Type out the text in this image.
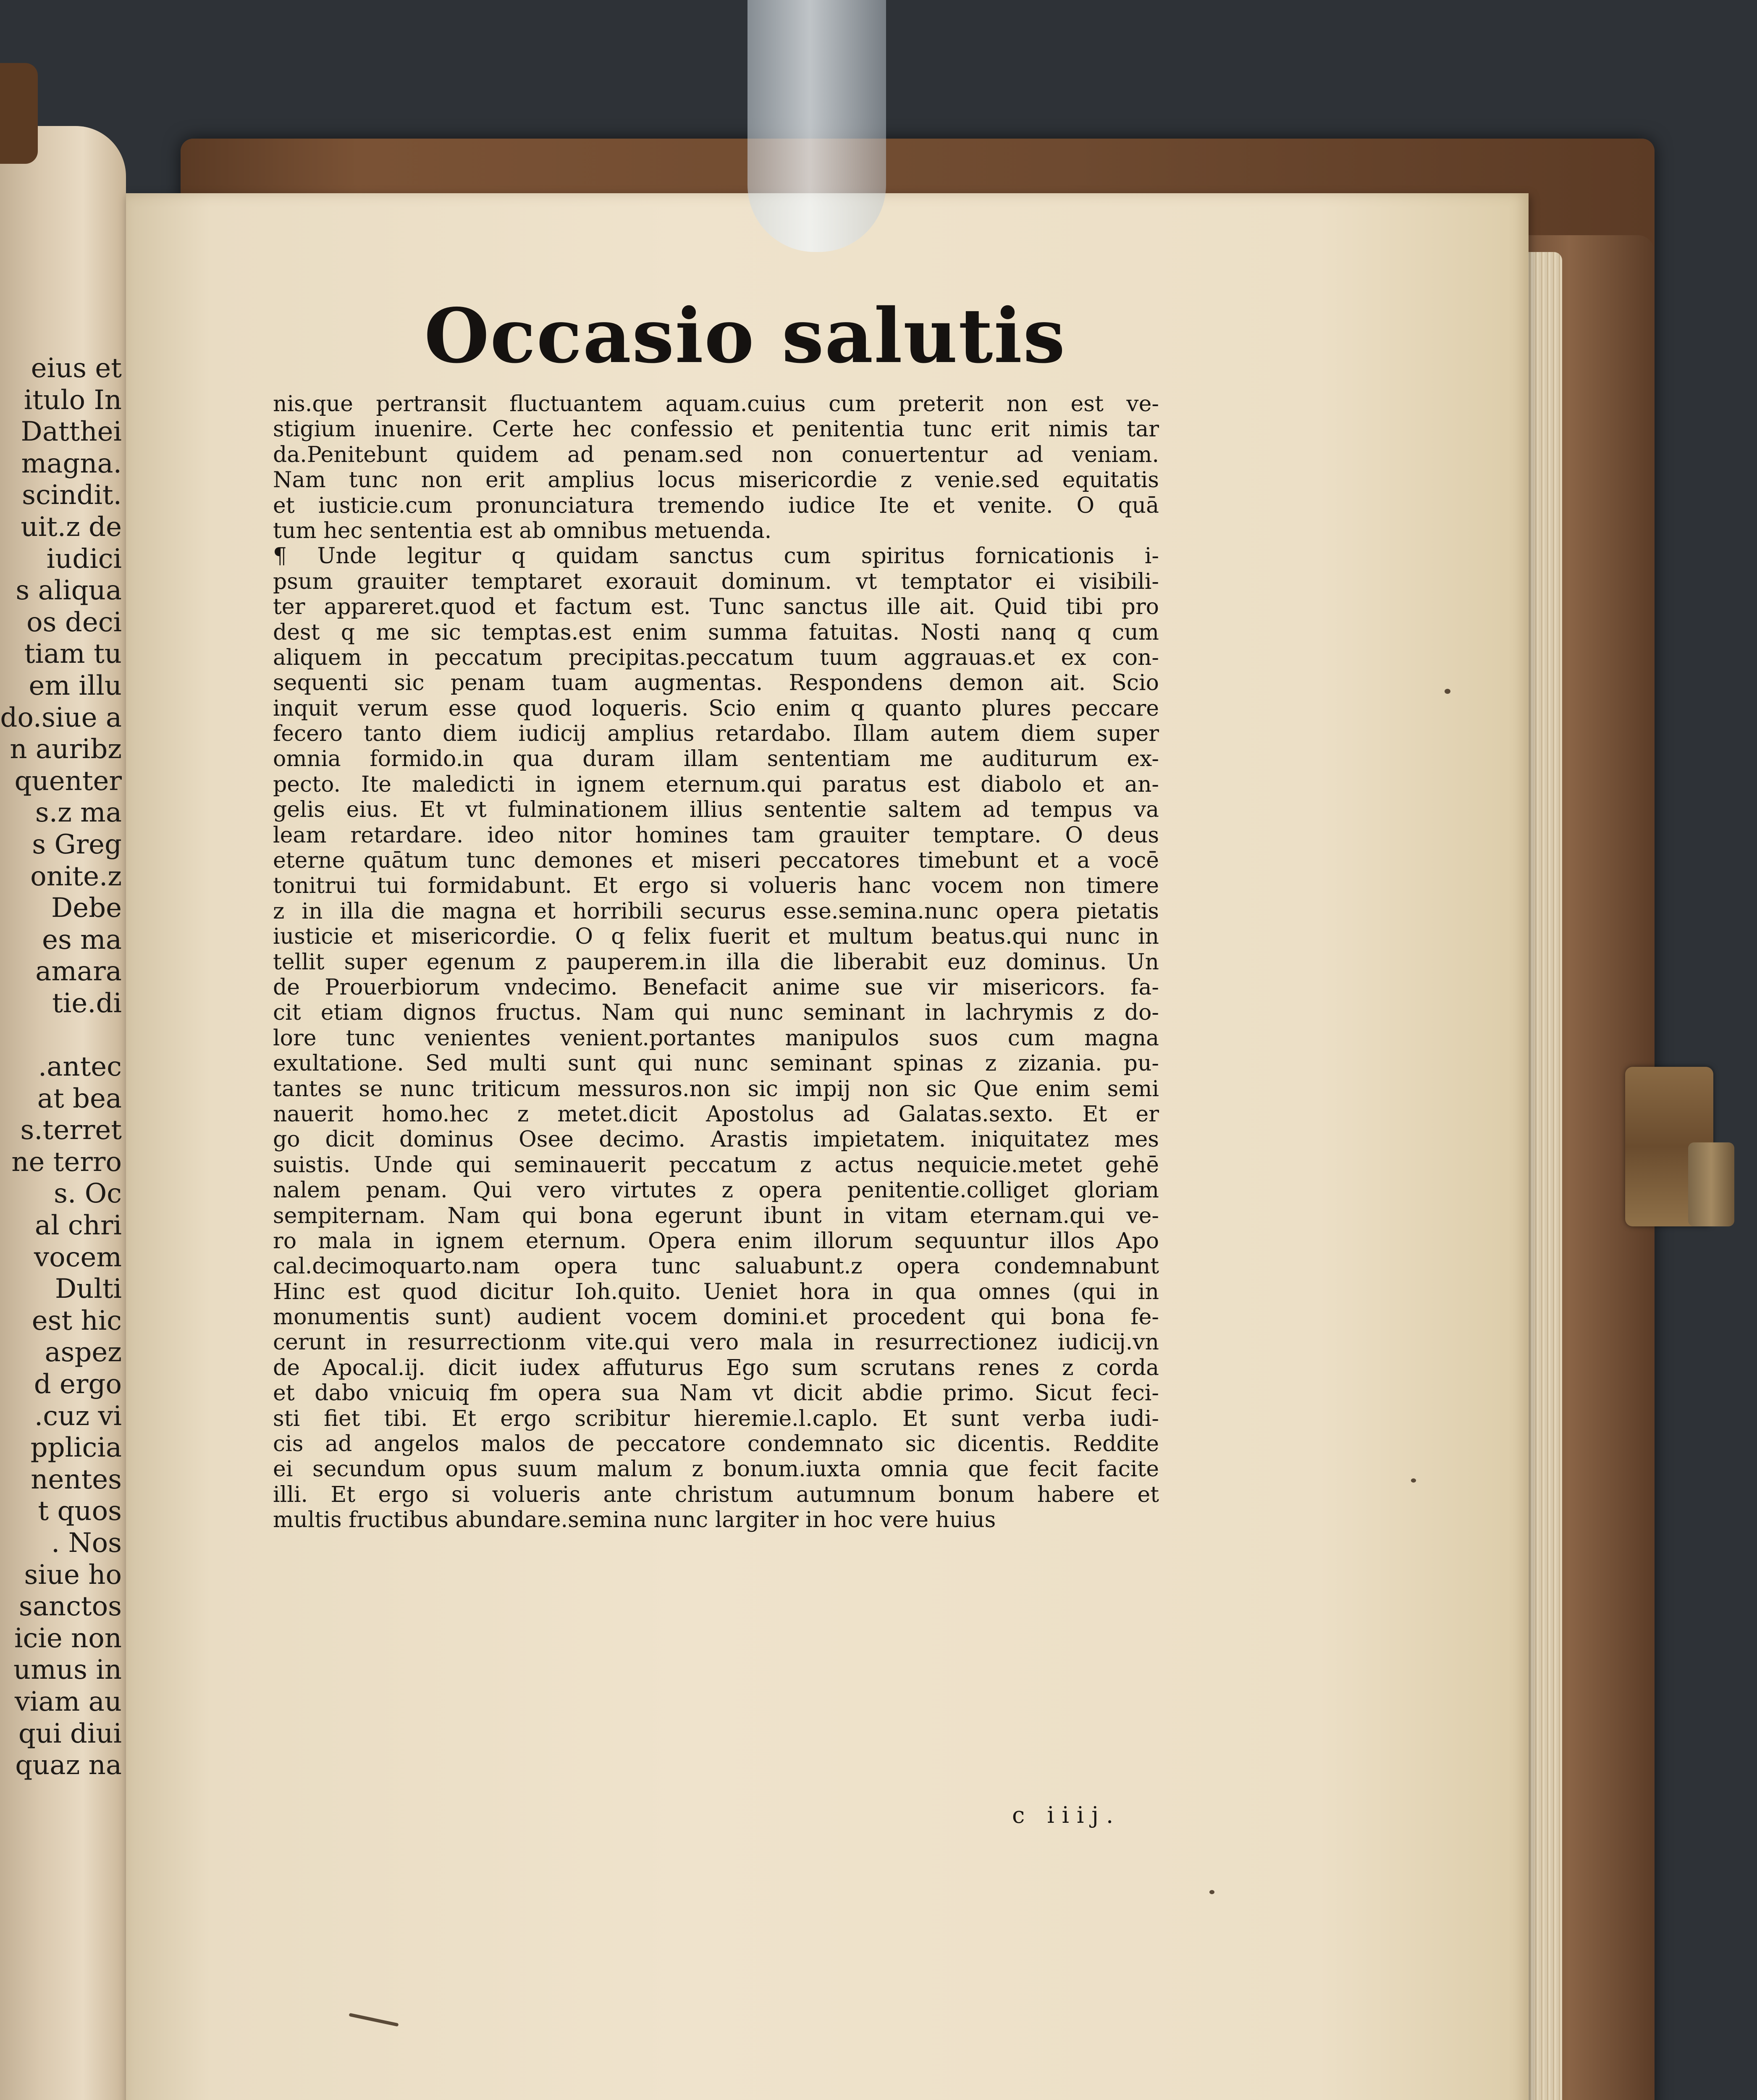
eius et
itulo In
Datthei
magna.
scindit.
uit.z de
iudici
s aliqua
os deci
tiam tu
em illu
do.siue a
n auribz
quenter
s.z ma
s Greg
onite.z
Debe
es ma
amara
tie.di
.antec
at bea
s.terret
ne terro
s. Oc
al chri
vocem
Dulti
est hic
aspez
d ergo
.cuz vi
pplicia
nentes
t quos
. Nos
siue ho
sanctos
icie non
umus in
viam au
qui diui
quaz na
Occasio salutis
nis.que pertransit fluctuantem aquam.cuius cum preterit non est ve-
stigium inuenire. Certe hec confessio et penitentia tunc erit nimis tar
da.Penitebunt quidem ad penam.sed non conuertentur ad veniam.
Nam tunc non erit amplius locus misericordie z venie.sed equitatis
et iusticie.cum pronunciatura tremendo iudice Ite et venite. O quā
tum hec sententia est ab omnibus metuenda.
¶ Unde legitur q quidam sanctus cum spiritus fornicationis i-
psum grauiter temptaret exorauit dominum. vt temptator ei visibili-
ter appareret.quod et factum est. Tunc sanctus ille ait. Quid tibi pro
dest q me sic temptas.est enim summa fatuitas. Nosti nanq q cum
aliquem in peccatum precipitas.peccatum tuum aggrauas.et ex con-
sequenti sic penam tuam augmentas. Respondens demon ait. Scio
inquit verum esse quod loqueris. Scio enim q quanto plures peccare
fecero tanto diem iudicij amplius retardabo. Illam autem diem super
omnia formido.in qua duram illam sententiam me auditurum ex-
pecto. Ite maledicti in ignem eternum.qui paratus est diabolo et an-
gelis eius. Et vt fulminationem illius sententie saltem ad tempus va
leam retardare. ideo nitor homines tam grauiter temptare. O deus
eterne quātum tunc demones et miseri peccatores timebunt et a vocē
tonitrui tui formidabunt. Et ergo si volueris hanc vocem non timere
z in illa die magna et horribili securus esse.semina.nunc opera pietatis
iusticie et misericordie. O q felix fuerit et multum beatus.qui nunc in
tellit super egenum z pauperem.in illa die liberabit euz dominus. Un
de Prouerbiorum vndecimo. Benefacit anime sue vir misericors. fa-
cit etiam dignos fructus. Nam qui nunc seminant in lachrymis z do-
lore tunc venientes venient.portantes manipulos suos cum magna
exultatione. Sed multi sunt qui nunc seminant spinas z zizania. pu-
tantes se nunc triticum messuros.non sic impij non sic Que enim semi
nauerit homo.hec z metet.dicit Apostolus ad Galatas.sexto. Et er
go dicit dominus Osee decimo. Arastis impietatem. iniquitatez mes
suistis. Unde qui seminauerit peccatum z actus nequicie.metet gehē
nalem penam. Qui vero virtutes z opera penitentie.colliget gloriam
sempiternam. Nam qui bona egerunt ibunt in vitam eternam.qui ve-
ro mala in ignem eternum. Opera enim illorum sequuntur illos Apo
cal.decimoquarto.nam opera tunc saluabunt.z opera condemnabunt
Hinc est quod dicitur Ioh.quito. Ueniet hora in qua omnes (qui in
monumentis sunt) audient vocem domini.et procedent qui bona fe-
cerunt in resurrectionm vite.qui vero mala in resurrectionez iudicij.vn
de Apocal.ij. dicit iudex affuturus Ego sum scrutans renes z corda
et dabo vnicuiq fm opera sua Nam vt dicit abdie primo. Sicut feci-
sti fiet tibi. Et ergo scribitur hieremie.l.caplo. Et sunt verba iudi-
cis ad angelos malos de peccatore condemnato sic dicentis. Reddite
ei secundum opus suum malum z bonum.iuxta omnia que fecit facite
illi. Et ergo si volueris ante christum autumnum bonum habere et
multis fructibus abundare.semina nunc largiter in hoc vere huius
c iiij.
